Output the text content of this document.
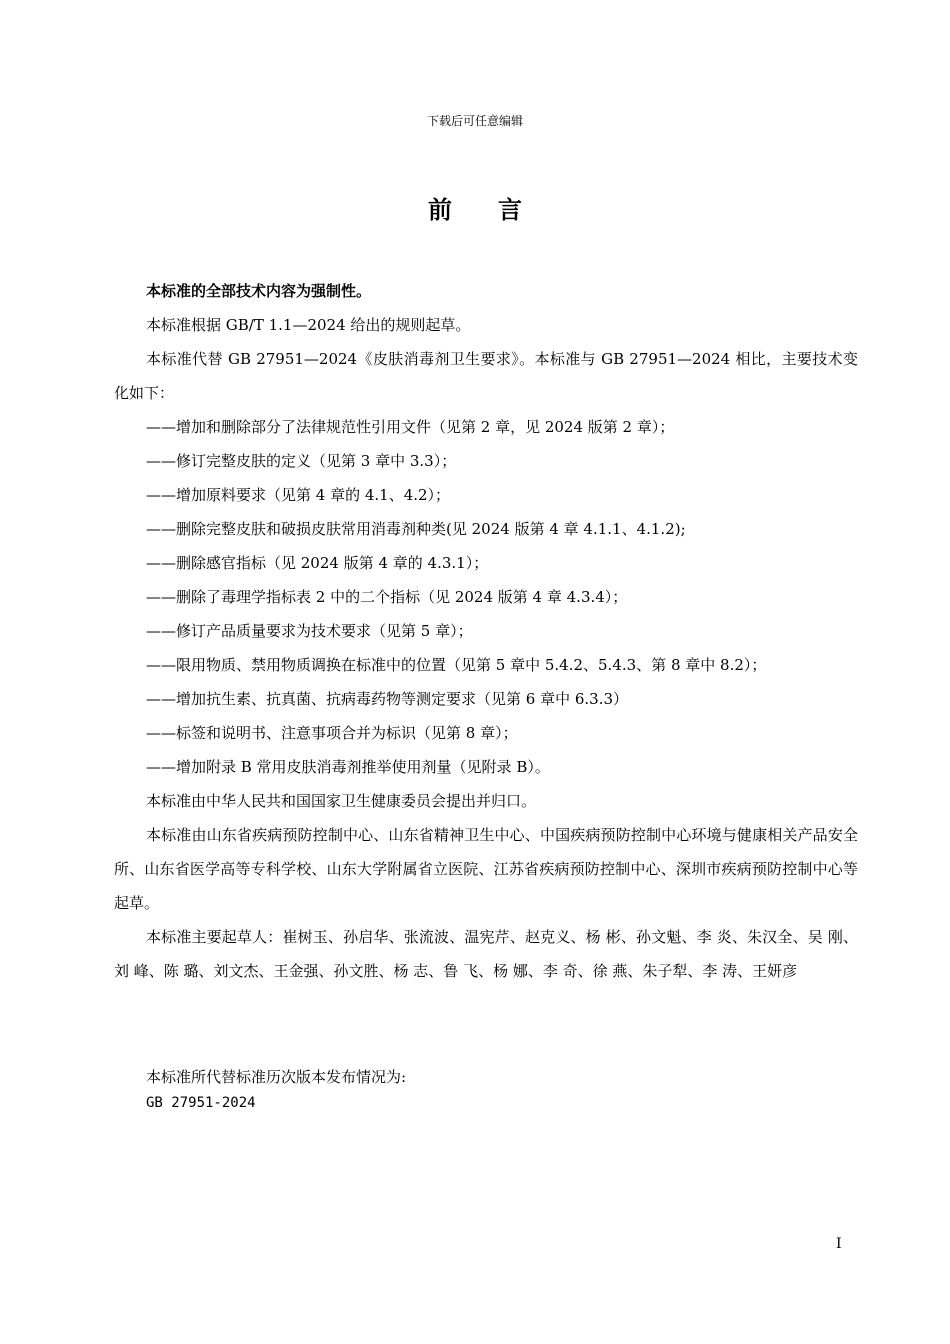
下载后可任意编辑
前言

本标准的全部技术内容为强制性。

本标准根据 GB/T 1.1—2024 给出的规则起草。

本标准代替 GB 27951—2024《皮肤消毒剂卫生要求》。本标准与 GB 27951—2024 相比，主要技术变化如下：

——增加和删除部分了法律规范性引用文件（见第 2 章，见 2024 版第 2 章）；

——修订完整皮肤的定义（见第 3 章中 3.3）；

——增加原料要求（见第 4 章的 4.1、4.2）；

——删除完整皮肤和破损皮肤常用消毒剂种类(见 2024 版第 4 章 4.1.1、4.1.2);

——删除感官指标（见 2024 版第 4 章的 4.3.1）；

——删除了毒理学指标表 2 中的二个指标（见 2024 版第 4 章 4.3.4）；

——修订产品质量要求为技术要求（见第 5 章）；

——限用物质、禁用物质调换在标准中的位置（见第 5 章中 5.4.2、5.4.3、第 8 章中 8.2）；

——增加抗生素、抗真菌、抗病毒药物等测定要求（见第 6 章中 6.3.3）

——标签和说明书、注意事项合并为标识（见第 8 章）；

——增加附录 B 常用皮肤消毒剂推举使用剂量（见附录 B）。

本标准由中华人民共和国国家卫生健康委员会提出并归口。

本标准由山东省疾病预防控制中心、山东省精神卫生中心、中国疾病预防控制中心环境与健康相关产品安全所、山东省医学高等专科学校、山东大学附属省立医院、江苏省疾病预防控制中心、深圳市疾病预防控制中心等起草。

本标准主要起草人：崔树玉、孙启华、张流波、温宪芹、赵克义、杨 彬、孙文魁、李 炎、朱汉全、吴 刚、刘 峰、陈 璐、刘文杰、王金强、孙文胜、杨 志、鲁 飞、杨 娜、李 奇、徐 燕、朱子犁、李 涛、王妍彦

本标准所代替标准历次版本发布情况为:
GB 27951-2024
I
